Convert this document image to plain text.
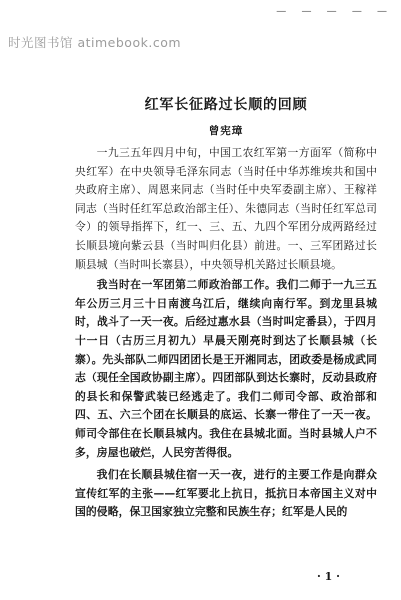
时光图书馆 atimebook.com
— — — — —
红军长征路过长顺的回顾
曾宪璋

一九三五年四月中旬，中国工农红军第一方面军（简称中央红军）在中央领导毛泽东同志（当时任中华苏维埃共和国中央政府主席）、周恩来同志（当时任中央军委副主席）、王稼祥同志（当时任红军总政治部主任）、朱德同志（当时任红军总司令）的领导指挥下，红一、三、五、九四个军团分成两路经过长顺县境向紫云县（当时叫归化县）前进。一、三军团路过长顺县城（当时叫长寨县），中央领导机关路过长顺县境。

我当时在一军团第二师政治部工作。我们二师于一九三五年公历三月三十日南渡乌江后，继续向南行军。到龙里县城时，战斗了一天一夜。后经过惠水县（当时叫定番县），于四月十一日（古历三月初九）早晨天刚亮时到达了长顺县城（长寨）。先头部队二师四团团长是王开湘同志，团政委是杨成武同志（现任全国政协副主席）。四团部队到达长寨时，反动县政府的县长和保警武装已经逃走了。我们二师司令部、政治部和四、五、六三个团在长顺县的底运、长寨一带住了一天一夜。师司令部住在长顺县城内。我住在县城北面。当时县城人户不多，房屋也破烂，人民穷苦得很。

我们在长顺县城住宿一天一夜，进行的主要工作是向群众宣传红军的主张——红军要北上抗日，抵抗日本帝国主义对中国的侵略，保卫国家独立完整和民族生存；红军是人民的

· 1 ·
